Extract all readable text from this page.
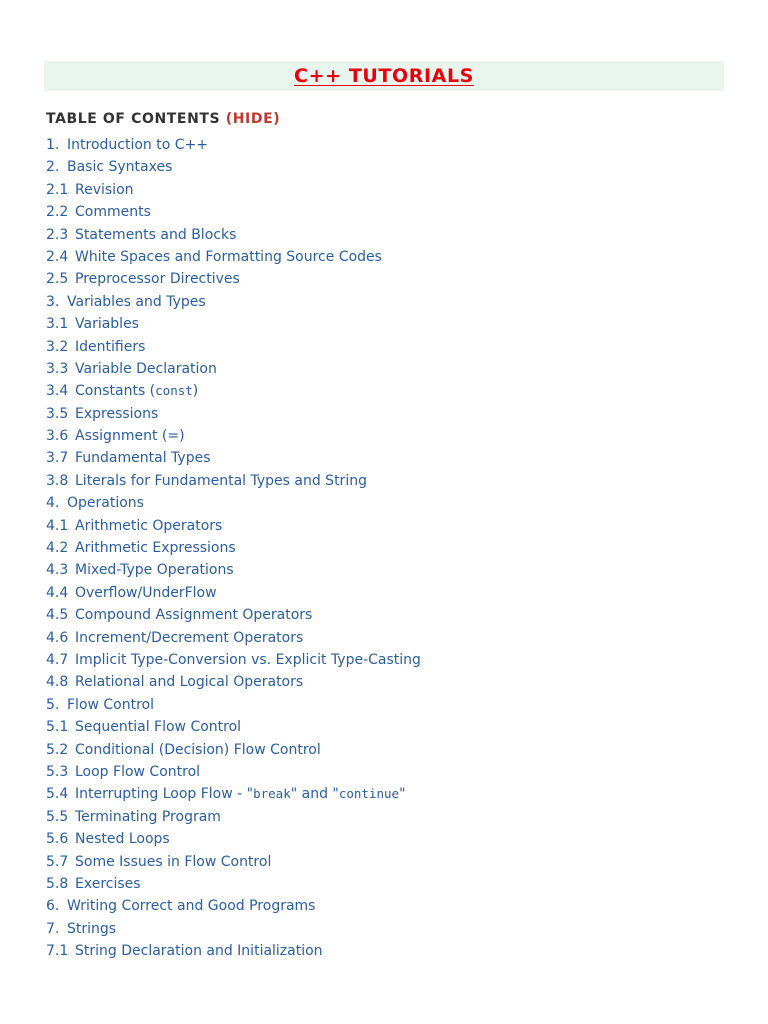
C++ TUTORIALS
TABLE OF CONTENTS (HIDE)
1. Introduction to C++
2. Basic Syntaxes
2.1 Revision
2.2 Comments
2.3 Statements and Blocks
2.4 White Spaces and Formatting Source Codes
2.5 Preprocessor Directives
3. Variables and Types
3.1 Variables
3.2 Identifiers
3.3 Variable Declaration
3.4 Constants (const)
3.5 Expressions
3.6 Assignment (=)
3.7 Fundamental Types
3.8 Literals for Fundamental Types and String
4. Operations
4.1 Arithmetic Operators
4.2 Arithmetic Expressions
4.3 Mixed-Type Operations
4.4 Overflow/UnderFlow
4.5 Compound Assignment Operators
4.6 Increment/Decrement Operators
4.7 Implicit Type-Conversion vs. Explicit Type-Casting
4.8 Relational and Logical Operators
5. Flow Control
5.1 Sequential Flow Control
5.2 Conditional (Decision) Flow Control
5.3 Loop Flow Control
5.4 Interrupting Loop Flow - "break" and "continue"
5.5 Terminating Program
5.6 Nested Loops
5.7 Some Issues in Flow Control
5.8 Exercises
6. Writing Correct and Good Programs
7. Strings
7.1 String Declaration and Initialization
